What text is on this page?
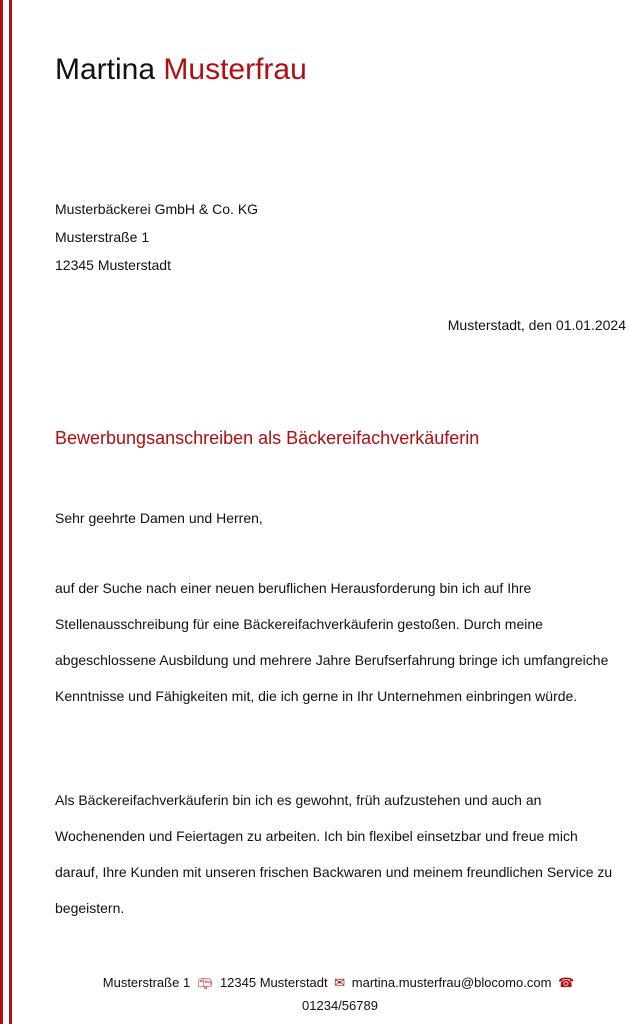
Martina Musterfrau
Musterbäckerei GmbH & Co. KG
Musterstraße 1
12345 Musterstadt
Musterstadt, den 01.01.2024
Bewerbungsanschreiben als Bäckereifachverkäuferin
Sehr geehrte Damen und Herren,
auf der Suche nach einer neuen beruflichen Herausforderung bin ich auf Ihre Stellenausschreibung für eine Bäckereifachverkäuferin gestoßen. Durch meine abgeschlossene Ausbildung und mehrere Jahre Berufserfahrung bringe ich umfangreiche Kenntnisse und Fähigkeiten mit, die ich gerne in Ihr Unternehmen einbringen würde.
Als Bäckereifachverkäuferin bin ich es gewohnt, früh aufzustehen und auch an Wochenenden und Feiertagen zu arbeiten. Ich bin flexibel einsetzbar und freue mich darauf, Ihre Kunden mit unseren frischen Backwaren und meinem freundlichen Service zu begeistern.
Musterstraße 1 📪︎ 12345 Musterstadt ✉︎ martina.musterfrau@blocomo.com ☎︎
01234/56789
